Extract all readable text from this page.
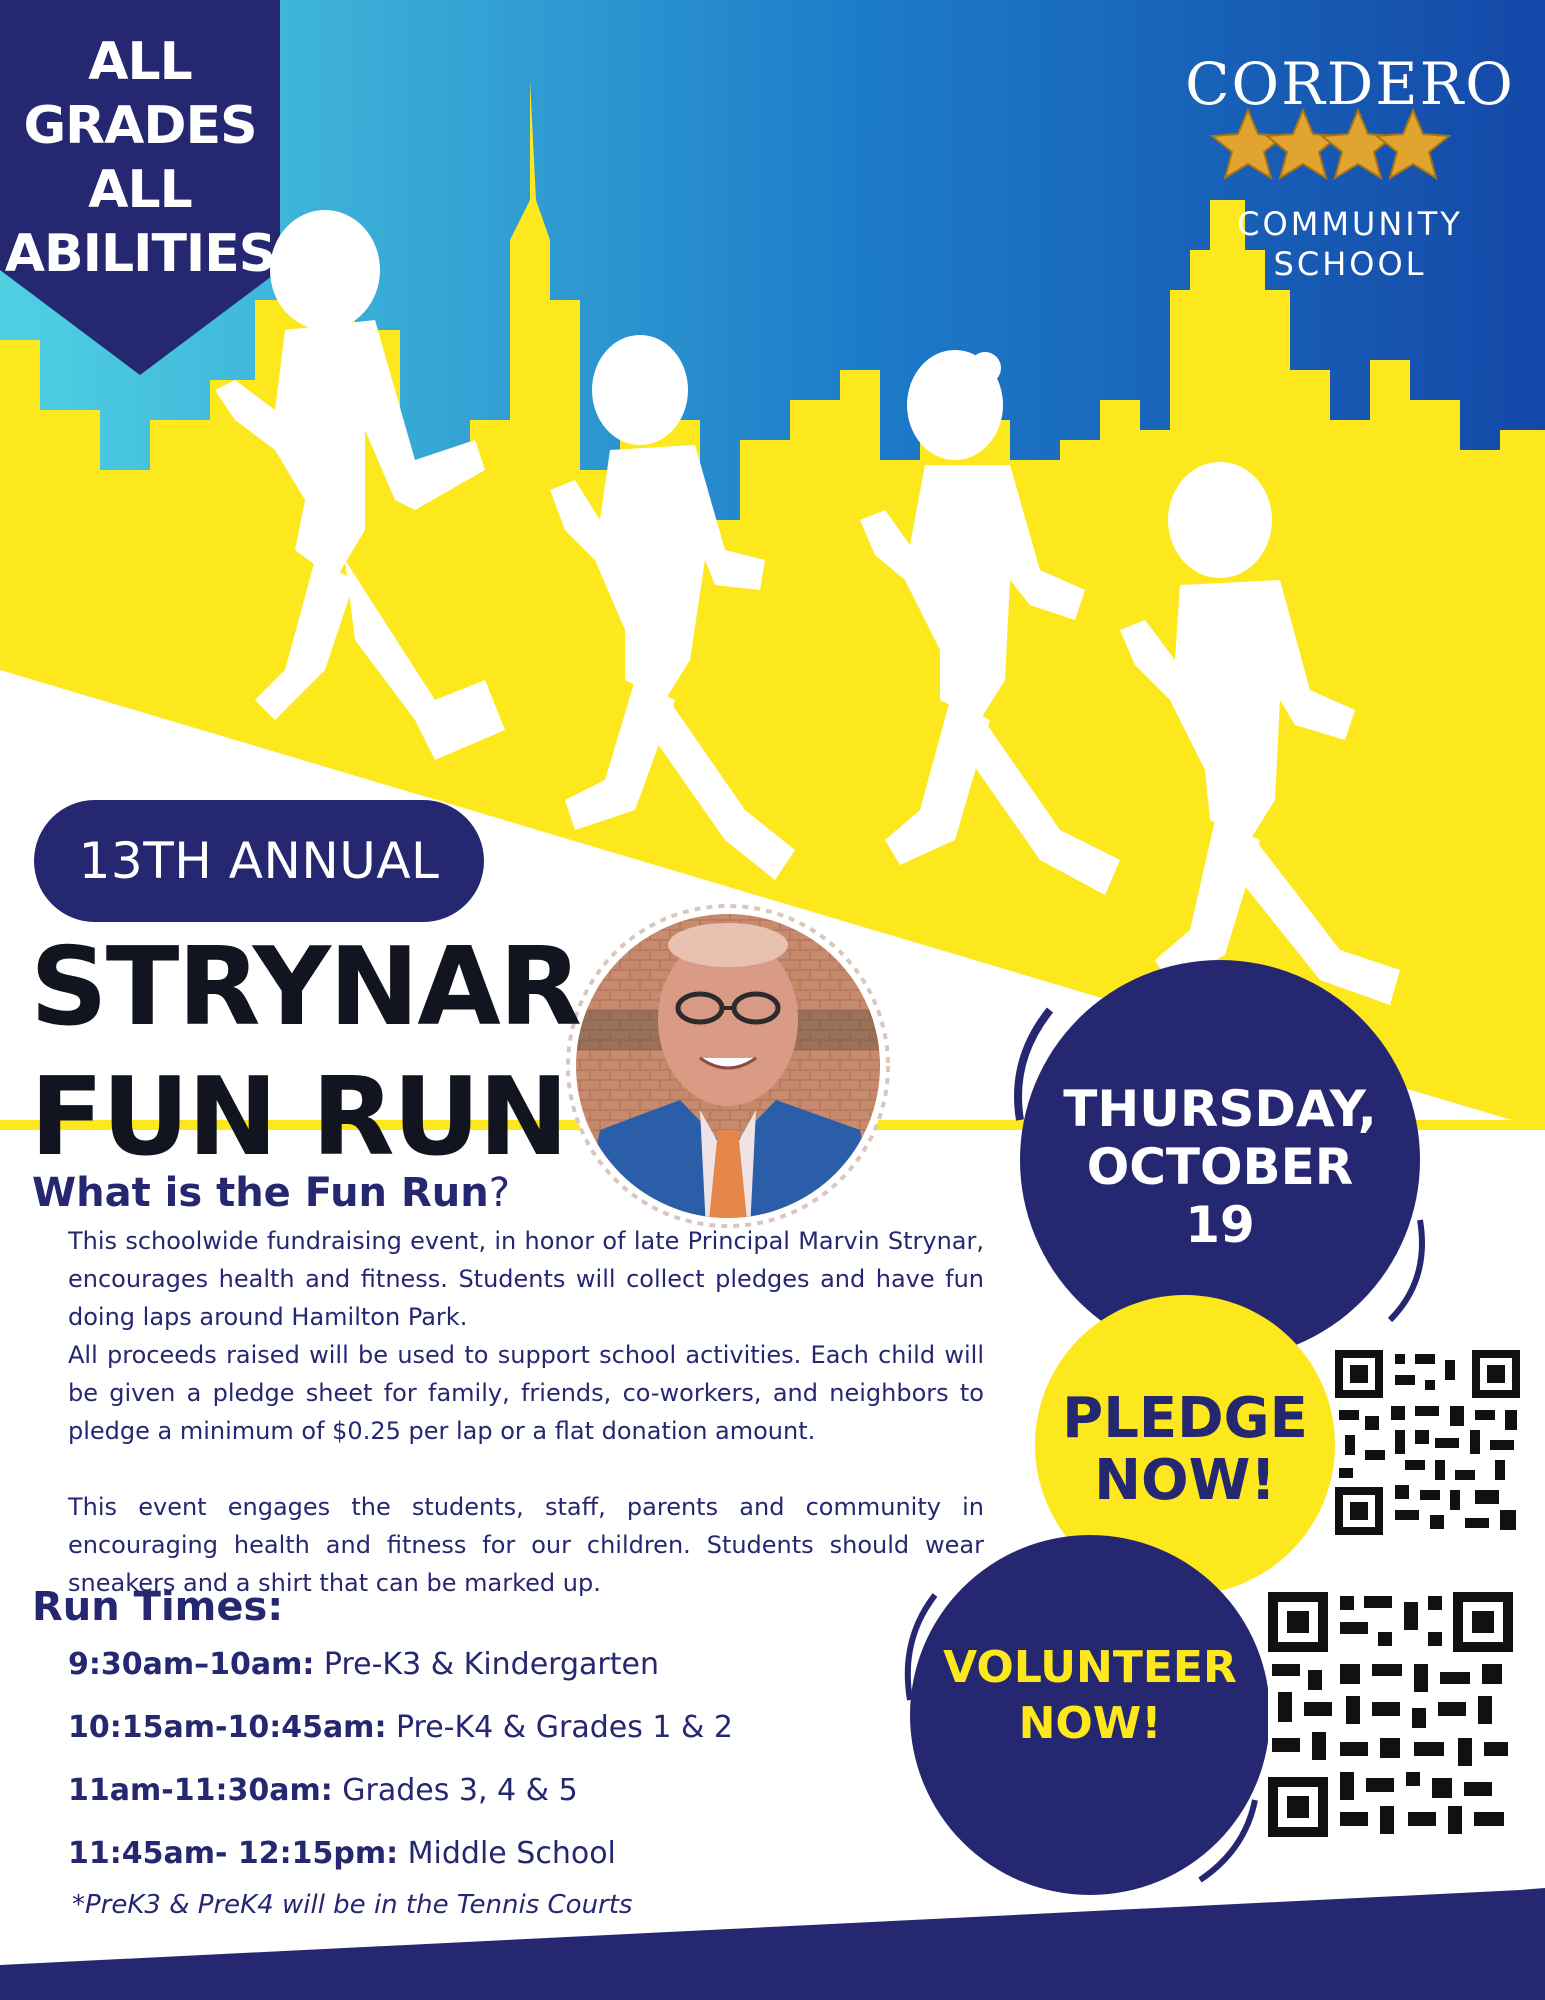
ALL
GRADES
ALL
ABILITIES
CORDERO
COMMUNITY
SCHOOL
13TH ANNUAL
STRYNAR
FUN RUN
What is the Fun Run?
This schoolwide fundraising event, in honor of late Principal Marvin Strynar, encourages health and fitness. Students will collect pledges and have fun doing laps around Hamilton Park.
All proceeds raised will be used to support school activities. Each child will be given a pledge sheet for family, friends, co-workers, and neighbors to pledge a minimum of $0.25 per lap or a flat donation amount.
This event engages the students, staff, parents and community in encouraging health and fitness for our children. Students should wear sneakers and a shirt that can be marked up.
Run Times:
9:30am–10am: Pre-K3 & Kindergarten
10:15am-10:45am: Pre-K4 & Grades 1 & 2
11am-11:30am: Grades 3, 4 & 5
11:45am- 12:15pm: Middle School
*PreK3 & PreK4 will be in the Tennis Courts
THURSDAY,
OCTOBER
19
PLEDGE
NOW!
VOLUNTEER
NOW!
